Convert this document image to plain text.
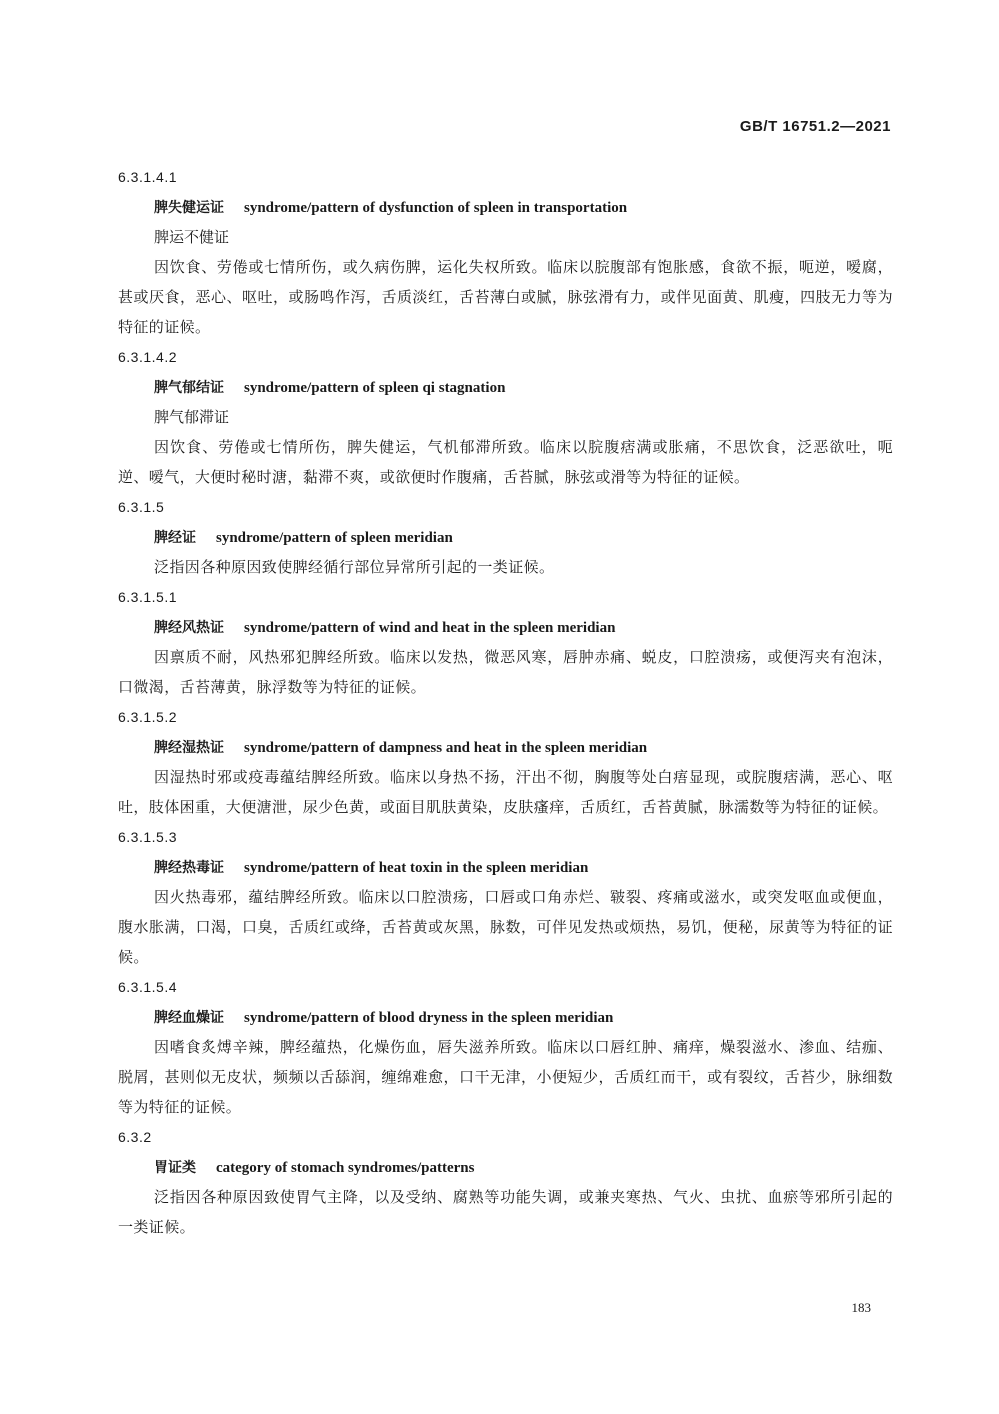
GB/T 16751.2—2021
6.3.1.4.1
脾失健运证 syndrome/pattern of dysfunction of spleen in transportation
脾运不健证

因饮食、劳倦或七情所伤，或久病伤脾，运化失权所致。临床以脘腹部有饱胀感，食欲不振，呃逆，嗳腐，甚或厌食，恶心、呕吐，或肠鸣作泻，舌质淡红，舌苔薄白或腻，脉弦滑有力，或伴见面黄、肌瘦，四肢无力等为特征的证候。

6.3.1.4.2
脾气郁结证 syndrome/pattern of spleen qi stagnation
脾气郁滞证

因饮食、劳倦或七情所伤，脾失健运，气机郁滞所致。临床以脘腹痞满或胀痛，不思饮食，泛恶欲吐，呃逆、嗳气，大便时秘时溏，黏滞不爽，或欲便时作腹痛，舌苔腻，脉弦或滑等为特征的证候。

6.3.1.5
脾经证 syndrome/pattern of spleen meridian

泛指因各种原因致使脾经循行部位异常所引起的一类证候。

6.3.1.5.1
脾经风热证 syndrome/pattern of wind and heat in the spleen meridian

因禀质不耐，风热邪犯脾经所致。临床以发热，微恶风寒，唇肿赤痛、蜕皮，口腔溃疡，或便泻夹有泡沫，口微渴，舌苔薄黄，脉浮数等为特征的证候。

6.3.1.5.2
脾经湿热证 syndrome/pattern of dampness and heat in the spleen meridian

因湿热时邪或疫毒蕴结脾经所致。临床以身热不扬，汗出不彻，胸腹等处白痦显现，或脘腹痞满，恶心、呕吐，肢体困重，大便溏泄，尿少色黄，或面目肌肤黄染，皮肤瘙痒，舌质红，舌苔黄腻，脉濡数等为特征的证候。

6.3.1.5.3
脾经热毒证 syndrome/pattern of heat toxin in the spleen meridian

因火热毒邪，蕴结脾经所致。临床以口腔溃疡，口唇或口角赤烂、皲裂、疼痛或滋水，或突发呕血或便血，腹水胀满，口渴，口臭，舌质红或绛，舌苔黄或灰黑，脉数，可伴见发热或烦热，易饥，便秘，尿黄等为特征的证候。

6.3.1.5.4
脾经血燥证 syndrome/pattern of blood dryness in the spleen meridian

因嗜食炙煿辛辣，脾经蕴热，化燥伤血，唇失滋养所致。临床以口唇红肿、痛痒，燥裂滋水、渗血、结痂、脱屑，甚则似无皮状，频频以舌舔润，缠绵难愈，口干无津，小便短少，舌质红而干，或有裂纹，舌苔少，脉细数等为特征的证候。

6.3.2
胃证类 category of stomach syndromes/patterns

泛指因各种原因致使胃气主降，以及受纳、腐熟等功能失调，或兼夹寒热、气火、虫扰、血瘀等邪所引起的一类证候。

183
